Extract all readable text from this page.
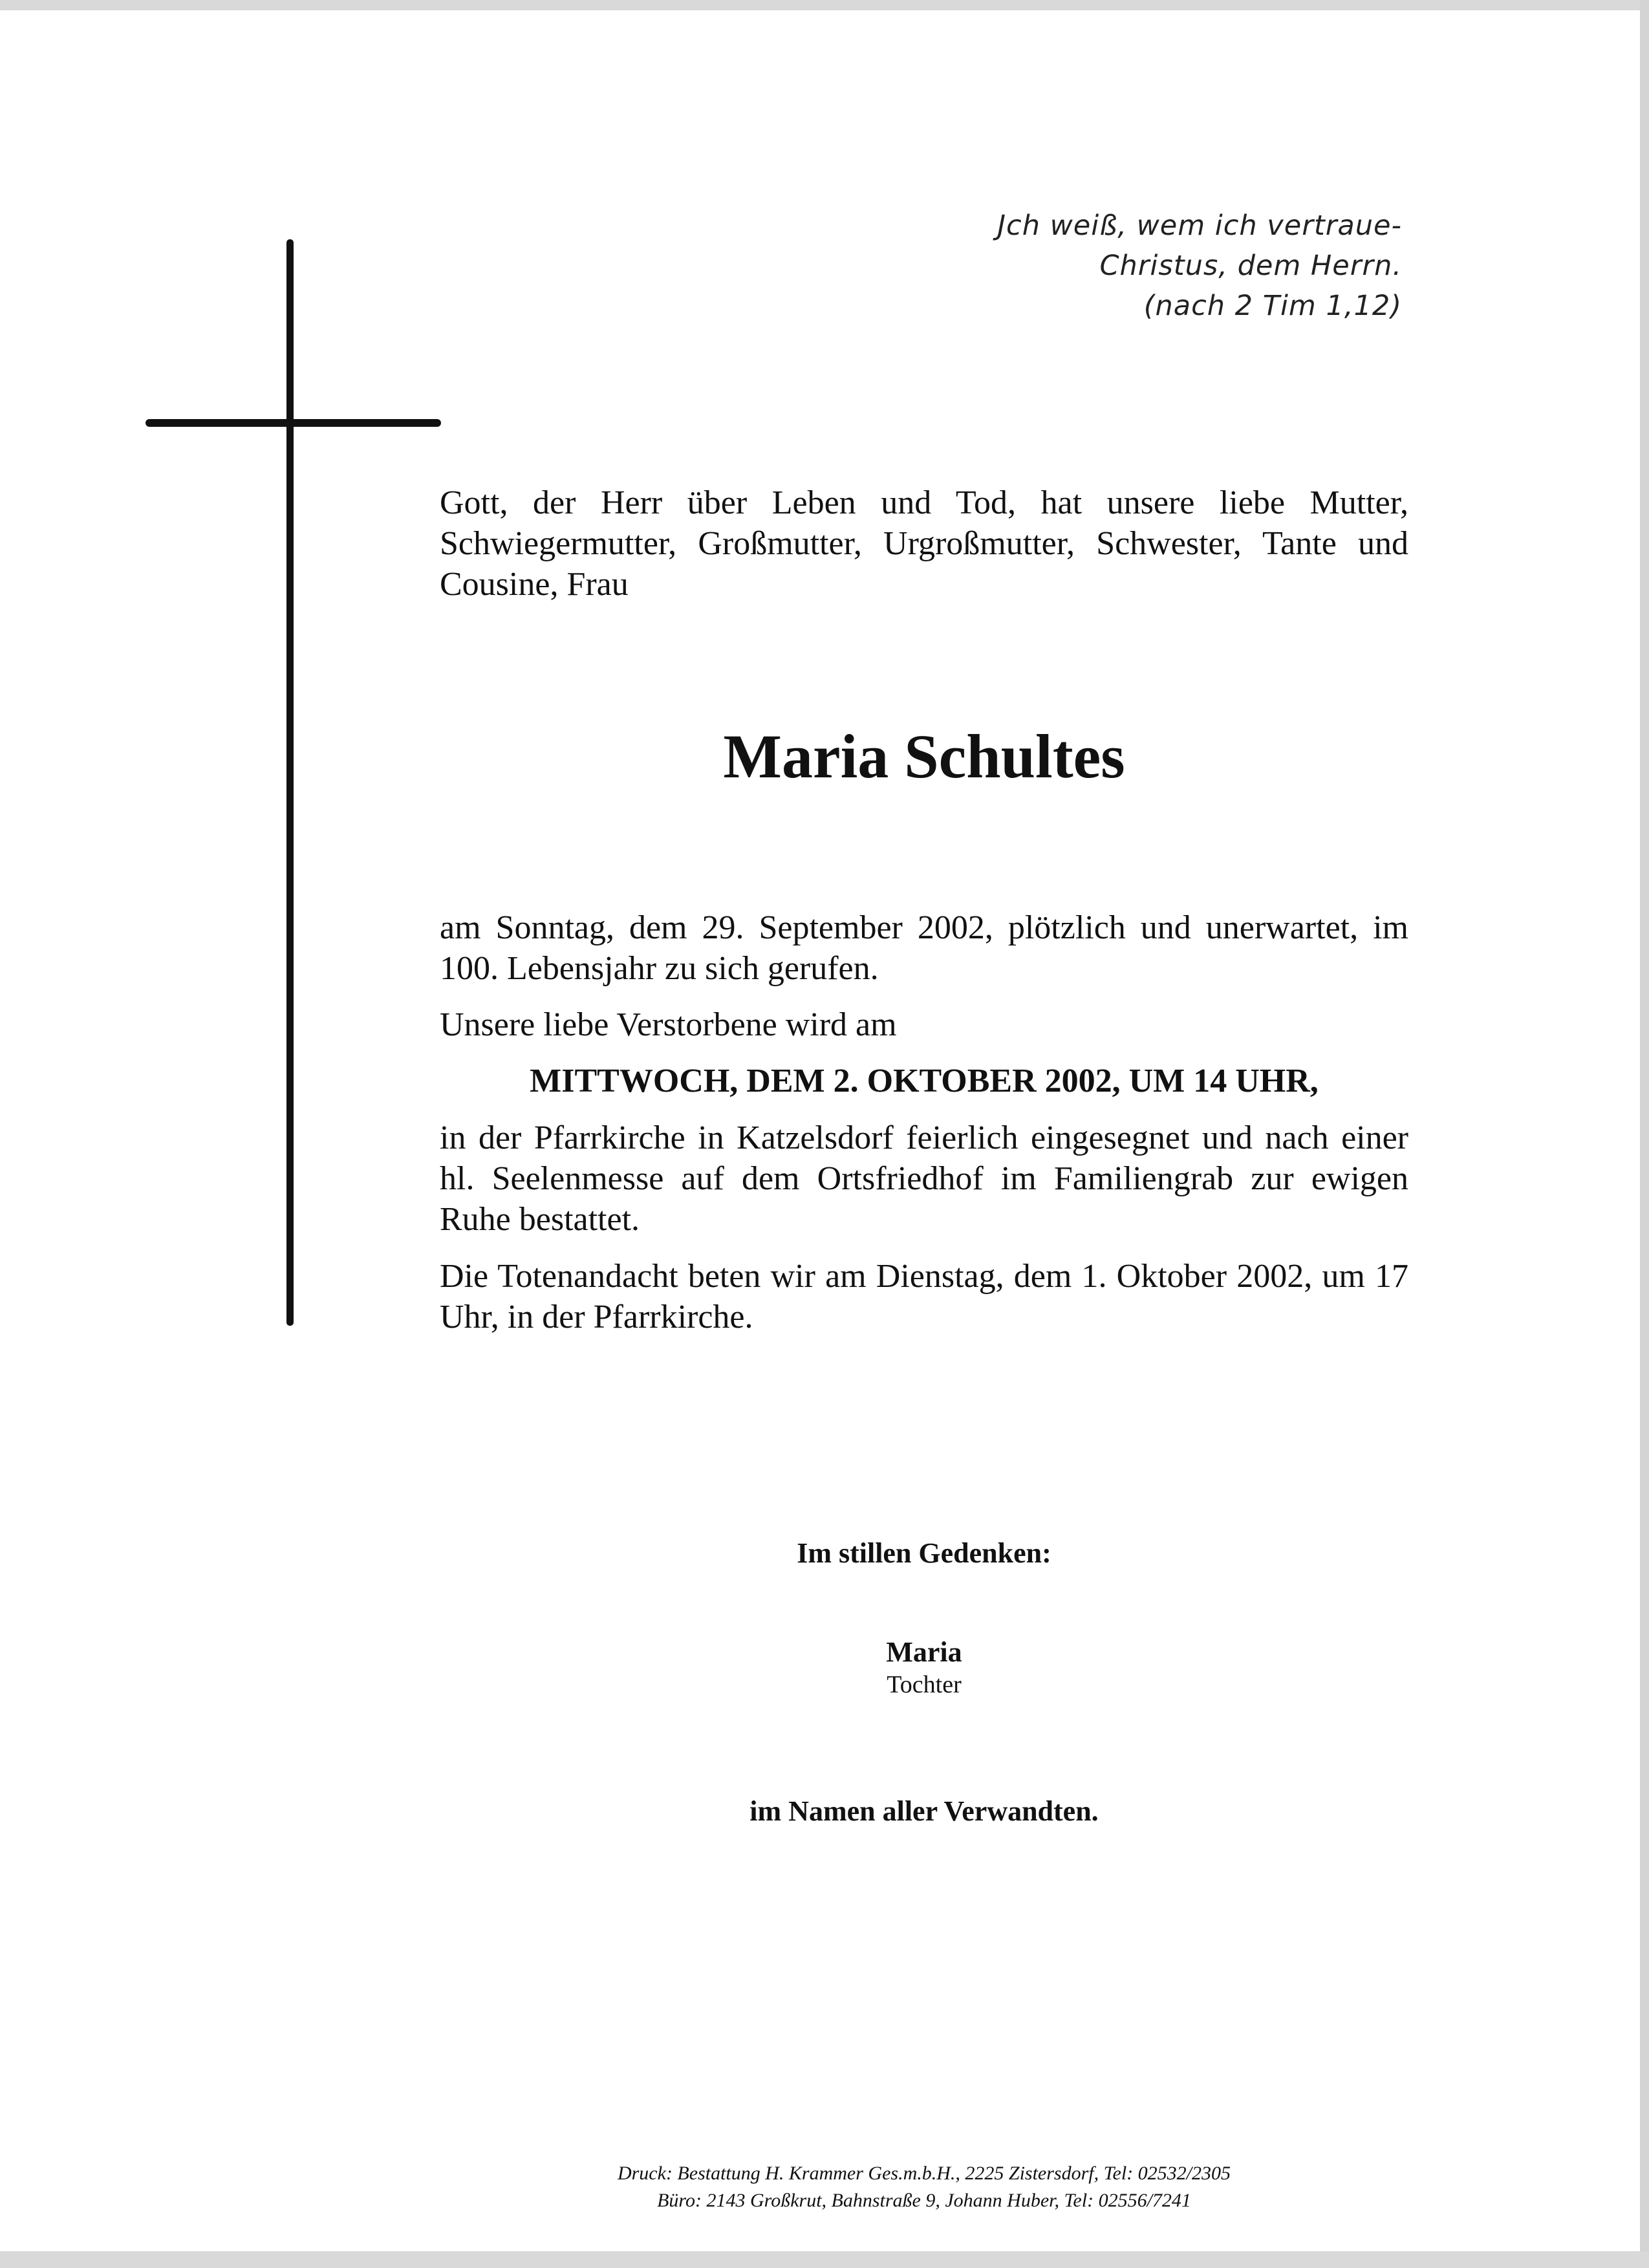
Jch weiß, wem ich vertraue-
Christus, dem Herrn.
(nach 2 Tim 1,12)
Gott, der Herr über Leben und Tod, hat unsere liebe Mutter, Schwiegermutter, Großmutter, Urgroßmutter, Schwester, Tante und Cousine, Frau
Maria Schultes
am Sonntag, dem 29. September 2002, plötzlich und unerwartet, im 100. Lebensjahr zu sich gerufen.
Unsere liebe Verstorbene wird am
MITTWOCH, DEM 2. OKTOBER 2002, UM 14 UHR,
in der Pfarrkirche in Katzelsdorf feierlich eingesegnet und nach einer hl. Seelenmesse auf dem Ortsfriedhof im Familiengrab zur ewigen Ruhe bestattet.
Die Totenandacht beten wir am Dienstag, dem 1. Oktober 2002, um 17 Uhr, in der Pfarrkirche.
Im stillen Gedenken:
Maria
Tochter
im Namen aller Verwandten.
Druck: Bestattung H. Krammer Ges.m.b.H., 2225 Zistersdorf, Tel: 02532/2305
Büro: 2143 Großkrut, Bahnstraße 9, Johann Huber, Tel: 02556/7241
